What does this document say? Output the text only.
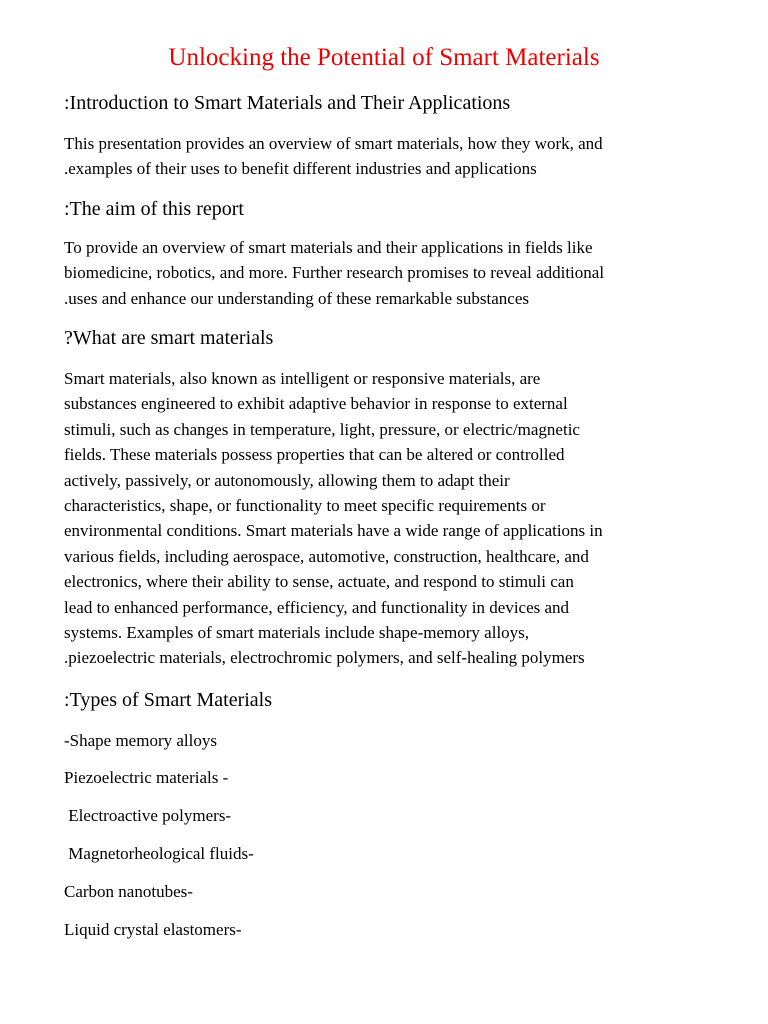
Unlocking the Potential of Smart Materials
:Introduction to Smart Materials and Their Applications

This presentation provides an overview of smart materials, how they work, and
.examples of their uses to benefit different industries and applications

:The aim of this report

To provide an overview of smart materials and their applications in fields like
biomedicine, robotics, and more. Further research promises to reveal additional
.uses and enhance our understanding of these remarkable substances

?What are smart materials

Smart materials, also known as intelligent or responsive materials, are
substances engineered to exhibit adaptive behavior in response to external
stimuli, such as changes in temperature, light, pressure, or electric/magnetic
fields. These materials possess properties that can be altered or controlled
actively, passively, or autonomously, allowing them to adapt their
characteristics, shape, or functionality to meet specific requirements or
environmental conditions. Smart materials have a wide range of applications in
various fields, including aerospace, automotive, construction, healthcare, and
electronics, where their ability to sense, actuate, and respond to stimuli can
lead to enhanced performance, efficiency, and functionality in devices and
systems. Examples of smart materials include shape-memory alloys,
.piezoelectric materials, electrochromic polymers, and self-healing polymers

:Types of Smart Materials

-Shape memory alloys

Piezoelectric materials -

Electroactive polymers-

Magnetorheological fluids-

Carbon nanotubes-

Liquid crystal elastomers-
